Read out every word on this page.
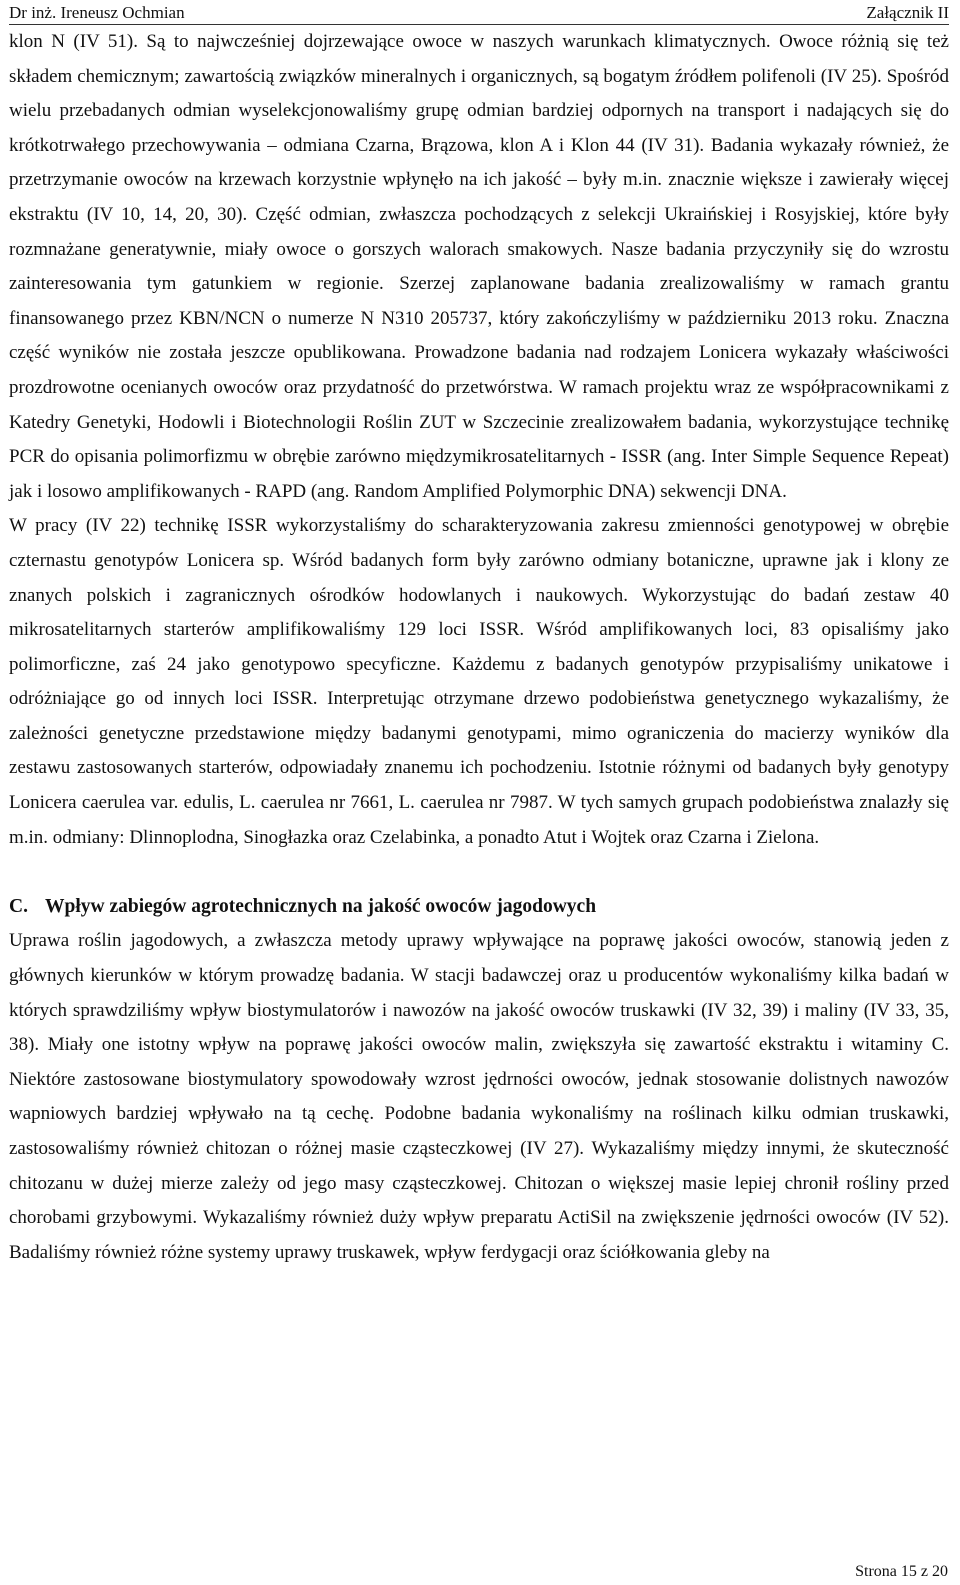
Dr inż. Ireneusz Ochmian	Załącznik II

klon N (IV 51). Są to najwcześniej dojrzewające owoce w naszych warunkach klimatycznych. Owoce różnią się też składem chemicznym; zawartością związków mineralnych i organicznych, są bogatym źródłem polifenoli (IV 25). Spośród wielu przebadanych odmian wyselekcjonowaliśmy grupę odmian bardziej odpornych na transport i nadających się do krótkotrwałego przechowywania – odmiana Czarna, Brązowa, klon A i Klon 44 (IV 31). Badania wykazały również, że przetrzymanie owoców na krzewach korzystnie wpłynęło na ich jakość – były m.in. znacznie większe i zawierały więcej ekstraktu (IV 10, 14, 20, 30). Część odmian, zwłaszcza pochodzących z selekcji Ukraińskiej i Rosyjskiej, które były rozmnażane generatywnie, miały owoce o gorszych walorach smakowych. Nasze badania przyczyniły się do wzrostu zainteresowania tym gatunkiem w regionie. Szerzej zaplanowane badania zrealizowaliśmy w ramach grantu finansowanego przez KBN/NCN o numerze N N310 205737, który zakończyliśmy w październiku 2013 roku. Znaczna część wyników nie została jeszcze opublikowana. Prowadzone badania nad rodzajem Lonicera wykazały właściwości prozdrowotne ocenianych owoców oraz przydatność do przetwórstwa. W ramach projektu wraz ze współpracownikami z Katedry Genetyki, Hodowli i Biotechnologii Roślin ZUT w Szczecinie zrealizowałem badania, wykorzystujące technikę PCR do opisania polimorfizmu w obrębie zarówno międzymikrosatelitarnych - ISSR (ang. Inter Simple Sequence Repeat) jak i losowo amplifikowanych - RAPD (ang. Random Amplified Polymorphic DNA) sekwencji DNA.

W pracy (IV 22) technikę ISSR wykorzystaliśmy do scharakteryzowania zakresu zmienności genotypowej w obrębie czternastu genotypów Lonicera sp. Wśród badanych form były zarówno odmiany botaniczne, uprawne jak i klony ze znanych polskich i zagranicznych ośrodków hodowlanych i naukowych. Wykorzystując do badań zestaw 40 mikrosatelitarnych starterów amplifikowaliśmy 129 loci ISSR. Wśród amplifikowanych loci, 83 opisaliśmy jako polimorficzne, zaś 24 jako genotypowo specyficzne. Każdemu z badanych genotypów przypisaliśmy unikatowe i odróżniające go od innych loci ISSR. Interpretując otrzymane drzewo podobieństwa genetycznego wykazaliśmy, że zależności genetyczne przedstawione między badanymi genotypami, mimo ograniczenia do macierzy wyników dla zestawu zastosowanych starterów, odpowiadały znanemu ich pochodzeniu. Istotnie różnymi od badanych były genotypy Lonicera caerulea var. edulis, L. caerulea nr 7661, L. caerulea nr 7987. W tych samych grupach podobieństwa znalazły się m.in. odmiany: Dlinnoplodna, Sinogłazka oraz Czelabinka, a ponadto Atut i Wojtek oraz Czarna i Zielona.

C. Wpływ zabiegów agrotechnicznych na jakość owoców jagodowych

Uprawa roślin jagodowych, a zwłaszcza metody uprawy wpływające na poprawę jakości owoców, stanowią jeden z głównych kierunków w którym prowadzę badania. W stacji badawczej oraz u producentów wykonaliśmy kilka badań w których sprawdziliśmy wpływ biostymulatorów i nawozów na jakość owoców truskawki (IV 32, 39) i maliny (IV 33, 35, 38). Miały one istotny wpływ na poprawę jakości owoców malin, zwiększyła się zawartość ekstraktu i witaminy C. Niektóre zastosowane biostymulatory spowodowały wzrost jędrności owoców, jednak stosowanie dolistnych nawozów wapniowych bardziej wpływało na tą cechę. Podobne badania wykonaliśmy na roślinach kilku odmian truskawki, zastosowaliśmy również chitozan o różnej masie cząsteczkowej (IV 27). Wykazaliśmy między innymi, że skuteczność chitozanu w dużej mierze zależy od jego masy cząsteczkowej. Chitozan o większej masie lepiej chronił rośliny przed chorobami grzybowymi. Wykazaliśmy również duży wpływ preparatu ActiSil na zwiększenie jędrności owoców (IV 52). Badaliśmy również różne systemy uprawy truskawek, wpływ ferdygacji oraz ściółkowania gleby na

Strona 15 z 20
